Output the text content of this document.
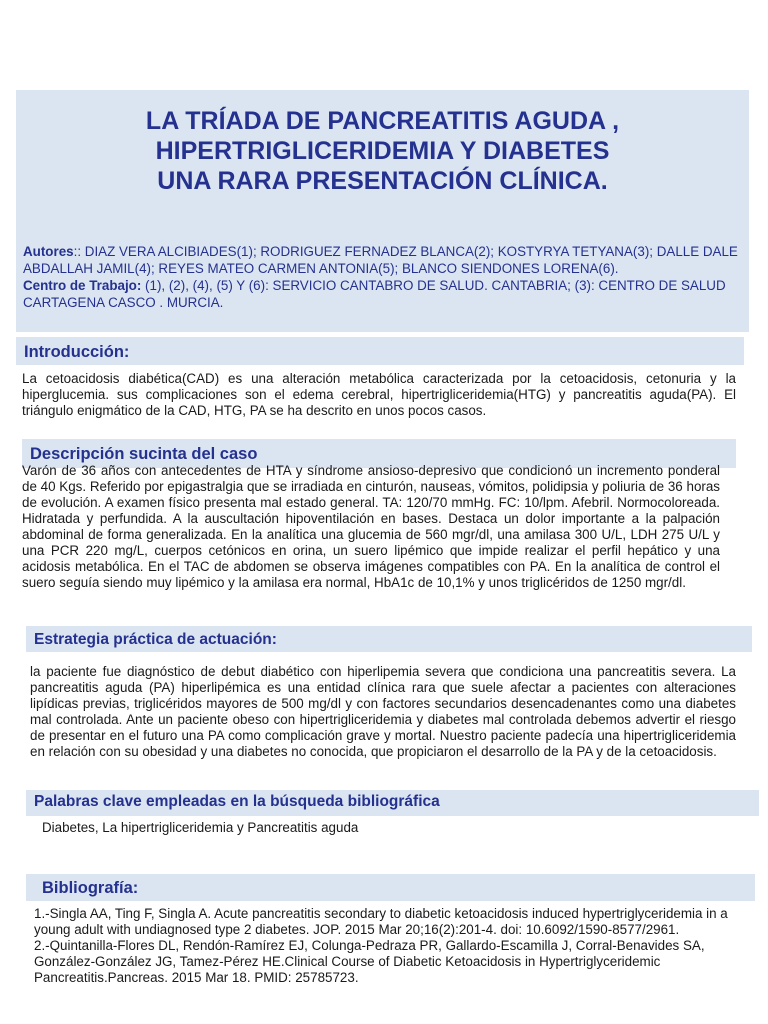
LA TRÍADA DE PANCREATITIS AGUDA ,
HIPERTRIGLICERIDEMIA Y DIABETES
UNA RARA PRESENTACIÓN CLÍNICA.

Autores:: DIAZ VERA ALCIBIADES(1); RODRIGUEZ FERNADEZ BLANCA(2); KOSTYRYA TETYANA(3); DALLE DALE ABDALLAH JAMIL(4); REYES MATEO CARMEN ANTONIA(5); BLANCO SIENDONES LORENA(6).
Centro de Trabajo: (1), (2), (4), (5) Y (6): SERVICIO CANTABRO DE SALUD. CANTABRIA; (3): CENTRO DE SALUD CARTAGENA CASCO . MURCIA.

Introducción:

La cetoacidosis diabética(CAD) es una alteración metabólica caracterizada por la cetoacidosis, cetonuria y la hiperglucemia. sus complicaciones son el edema cerebral, hipertrigliceridemia(HTG) y pancreatitis aguda(PA). El triángulo enigmático de la CAD, HTG, PA se ha descrito en unos pocos casos.

Descripción sucinta del caso

Varón de 36 años con antecedentes de HTA y síndrome ansioso-depresivo que condicionó un incremento ponderal de 40 Kgs. Referido por epigastralgia que se irradiada en cinturón, nauseas, vómitos, polidipsia y poliuria de 36 horas de evolución. A examen físico presenta mal estado general. TA: 120/70 mmHg. FC: 10/lpm. Afebril. Normocoloreada. Hidratada y perfundida. A la auscultación hipoventilación en bases. Destaca un dolor importante a la palpación abdominal de forma generalizada. En la analítica una glucemia de 560 mgr/dl, una amilasa 300 U/L, LDH 275 U/L y una PCR 220 mg/L, cuerpos cetónicos en orina, un suero lipémico que impide realizar el perfil hepático y una acidosis metabólica. En el TAC de abdomen se observa imágenes compatibles con PA. En la analítica de control el suero seguía siendo muy lipémico y la amilasa era normal, HbA1c de 10,1% y unos triglicéridos de 1250 mgr/dl.

Estrategia práctica de actuación:

la paciente fue diagnóstico de debut diabético con hiperlipemia severa que condiciona una pancreatitis severa. La pancreatitis aguda (PA) hiperlipémica es una entidad clínica rara que suele afectar a pacientes con alteraciones lipídicas previas, triglicéridos mayores de 500 mg/dl y con factores secundarios desencadenantes como una diabetes mal controlada. Ante un paciente obeso con hipertrigliceridemia y diabetes mal controlada debemos advertir el riesgo de presentar en el futuro una PA como complicación grave y mortal. Nuestro paciente padecía una hipertrigliceridemia en relación con su obesidad y una diabetes no conocida, que propiciaron el desarrollo de la PA y de la cetoacidosis.

Palabras clave empleadas en la búsqueda bibliográfica

Diabetes, La hipertrigliceridemia y Pancreatitis aguda

Bibliografía:

1.-Singla AA, Ting F, Singla A. Acute pancreatitis secondary to diabetic ketoacidosis induced hypertriglyceridemia in a young adult with undiagnosed type 2 diabetes. JOP. 2015 Mar 20;16(2):201-4. doi: 10.6092/1590-8577/2961.

2.-Quintanilla-Flores DL, Rendón-Ramírez EJ, Colunga-Pedraza PR, Gallardo-Escamilla J, Corral-Benavides SA, González-González JG, Tamez-Pérez HE.Clinical Course of Diabetic Ketoacidosis in Hypertriglyceridemic Pancreatitis.Pancreas. 2015 Mar 18. PMID: 25785723.
